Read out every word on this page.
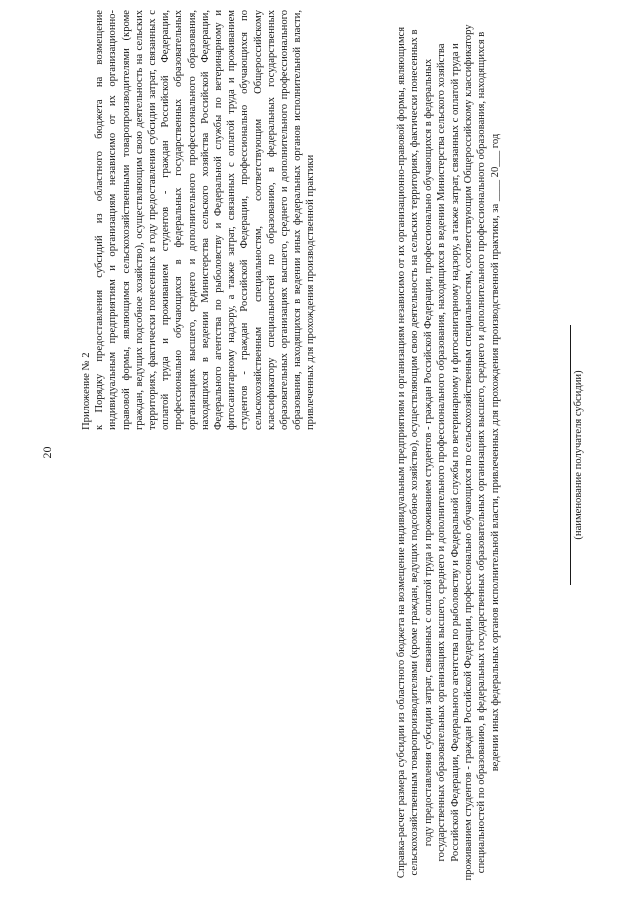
20
Приложение № 2 к Порядку предоставления субсидий из областного бюджета на возмещение индивидуальным предприятиям и организациям независимо от их организационно-правовой формы, являющимся сельскохозяйственными товаропроизводителями (кроме граждан, ведущих подсобное хозяйство), осуществляющим свою деятельность на сельских территориях, фактически понесенных в году предоставления субсидии затрат, связанных с оплатой труда и проживанием студентов - граждан Российской Федерации, профессионально обучающихся в федеральных государственных образовательных организациях высшего, среднего и дополнительного профессионального образования, находящихся в ведении Министерства сельского хозяйства Российской Федерации, Федерального агентства по рыболовству и Федеральной службы по ветеринарному и фитосанитарному надзору, а также затрат, связанных с оплатой труда и проживанием студентов - граждан Российской Федерации, профессионально обучающихся по сельскохозяйственным специальностям, соответствующим Общероссийскому классификатору специальностей по образованию, в федеральных государственных образовательных организациях высшего, среднего и дополнительного профессионального образования, находящихся в ведении иных федеральных органов исполнительной власти, привлеченных для прохождения производственной практики	Справка-расчет размера субсидии из областного бюджета на возмещение индивидуальным предприятиям и организациям независимо от их организационно-правовой формы, являющимся сельскохозяйственным товаропроизводителями (кроме граждан, ведущих подсобное хозяйство), осуществляющим свою деятельность на сельских территориях, фактически понесенных в году предоставления субсидии затрат, связанных с оплатой труда и проживанием студентов - граждан Российской Федерации, профессионально обучающихся в федеральных государственных образовательных организациях высшего, среднего и дополнительного профессионального образования, находящихся в ведении Министерства сельского хозяйства Российской Федерации, Федерального агентства по рыболовству и Федеральной службы по ветеринарному и фитосанитарному надзору, а также затрат, связанных с оплатой труда и проживанием студентов - граждан Российской Федерации, профессионально обучающихся по сельскохозяйственным специальностям, соответствующим Общероссийскому классификатору специальностей по образованию, в федеральных государственных образовательных организациях высшего, среднего и дополнительного профессионального образования, находящихся в ведении иных федеральных органов исполнительной власти, привлеченных для прохождения производственной практики, за ____ 20___ год	(наименование получателя субсидии)
